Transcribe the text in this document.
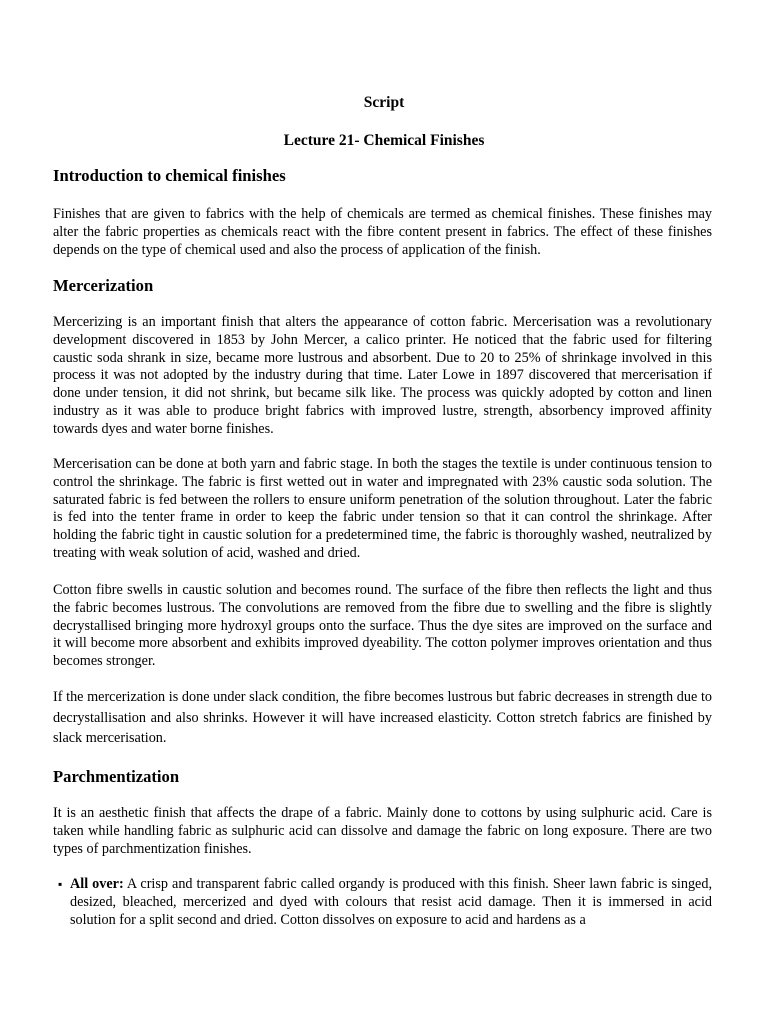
Script
Lecture 21- Chemical Finishes
Introduction to chemical finishes

Finishes that are given to fabrics with the help of chemicals are termed as chemical finishes. These finishes may alter the fabric properties as chemicals react with the fibre content present in fabrics. The effect of these finishes depends on the type of chemical used and also the process of application of the finish.

Mercerization

Mercerizing is an important finish that alters the appearance of cotton fabric. Mercerisation was a revolutionary development discovered in 1853 by John Mercer, a calico printer. He noticed that the fabric used for filtering caustic soda shrank in size, became more lustrous and absorbent. Due to 20 to 25% of shrinkage involved in this process it was not adopted by the industry during that time. Later Lowe in 1897 discovered that mercerisation if done under tension, it did not shrink, but became silk like. The process was quickly adopted by cotton and linen industry as it was able to produce bright fabrics with improved lustre, strength, absorbency improved affinity towards dyes and water borne finishes.

Mercerisation can be done at both yarn and fabric stage. In both the stages the textile is under continuous tension to control the shrinkage. The fabric is first wetted out in water and impregnated with 23% caustic soda solution. The saturated fabric is fed between the rollers to ensure uniform penetration of the solution throughout. Later the fabric is fed into the tenter frame in order to keep the fabric under tension so that it can control the shrinkage. After holding the fabric tight in caustic solution for a predetermined time, the fabric is thoroughly washed, neutralized by treating with weak solution of acid, washed and dried.

Cotton fibre swells in caustic solution and becomes round. The surface of the fibre then reflects the light and thus the fabric becomes lustrous. The convolutions are removed from the fibre due to swelling and the fibre is slightly decrystallised bringing more hydroxyl groups onto the surface. Thus the dye sites are improved on the surface and it will become more absorbent and exhibits improved dyeability. The cotton polymer improves orientation and thus becomes stronger.

If the mercerization is done under slack condition, the fibre becomes lustrous but fabric decreases in strength due to decrystallisation and also shrinks. However it will have increased elasticity. Cotton stretch fabrics are finished by slack mercerisation.

Parchmentization

It is an aesthetic finish that affects the drape of a fabric. Mainly done to cottons by using sulphuric acid. Care is taken while handling fabric as sulphuric acid can dissolve and damage the fabric on long exposure. There are two types of parchmentization finishes.

▪ All over: A crisp and transparent fabric called organdy is produced with this finish. Sheer lawn fabric is singed, desized, bleached, mercerized and dyed with colours that resist acid damage. Then it is immersed in acid solution for a split second and dried. Cotton dissolves on exposure to acid and hardens as a
